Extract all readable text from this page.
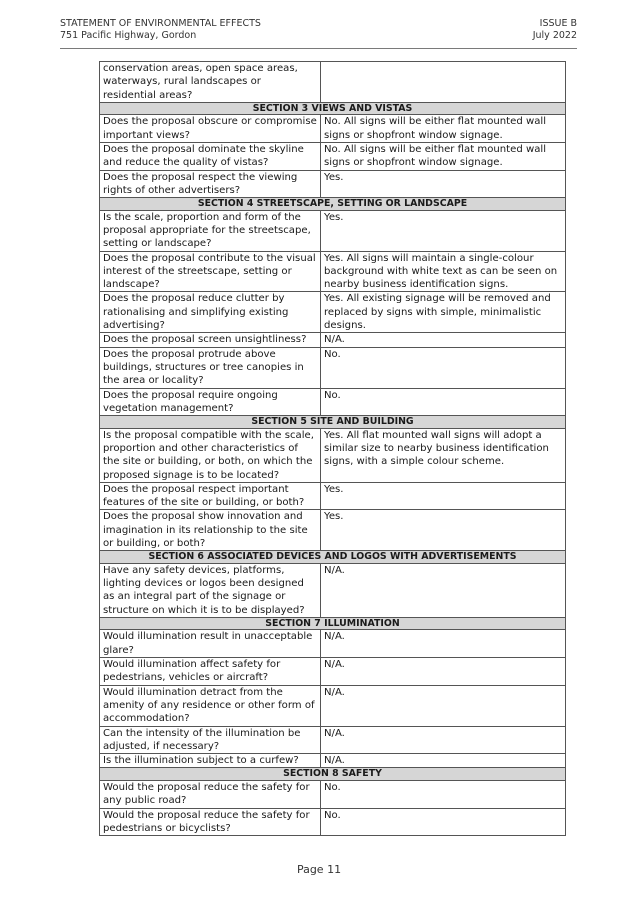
STATEMENT OF ENVIRONMENTAL EFFECTS
751 Pacific Highway, Gordon
ISSUE B
July 2022
conservation areas, open space areas, waterways, rural landscapes or residential areas?	
SECTION 3 VIEWS AND VISTAS	
Does the proposal obscure or compromise important views?	No. All signs will be either flat mounted wall signs or shopfront window signage.
Does the proposal dominate the skyline and reduce the quality of vistas?	No. All signs will be either flat mounted wall signs or shopfront window signage.
Does the proposal respect the viewing rights of other advertisers?	Yes.
SECTION 4 STREETSCAPE, SETTING OR LANDSCAPE	
Is the scale, proportion and form of the proposal appropriate for the streetscape, setting or landscape?	Yes.
Does the proposal contribute to the visual interest of the streetscape, setting or landscape?	Yes. All signs will maintain a single-colour background with white text as can be seen on nearby business identification signs.
Does the proposal reduce clutter by rationalising and simplifying existing advertising?	Yes. All existing signage will be removed and replaced by signs with simple, minimalistic designs.
Does the proposal screen unsightliness?	N/A.
Does the proposal protrude above buildings, structures or tree canopies in the area or locality?	No.
Does the proposal require ongoing vegetation management?	No.
SECTION 5 SITE AND BUILDING	
Is the proposal compatible with the scale, proportion and other characteristics of the site or building, or both, on which the proposed signage is to be located?	Yes. All flat mounted wall signs will adopt a similar size to nearby business identification signs, with a simple colour scheme.
Does the proposal respect important features of the site or building, or both?	Yes.
Does the proposal show innovation and imagination in its relationship to the site or building, or both?	Yes.
SECTION 6 ASSOCIATED DEVICES AND LOGOS WITH ADVERTISEMENTS	
Have any safety devices, platforms, lighting devices or logos been designed as an integral part of the signage or structure on which it is to be displayed?	N/A.
SECTION 7 ILLUMINATION	
Would illumination result in unacceptable glare?	N/A.
Would illumination affect safety for pedestrians, vehicles or aircraft?	N/A.
Would illumination detract from the amenity of any residence or other form of accommodation?	N/A.
Can the intensity of the illumination be adjusted, if necessary?	N/A.
Is the illumination subject to a curfew?	N/A.
SECTION 8 SAFETY	
Would the proposal reduce the safety for any public road?	No.
Would the proposal reduce the safety for pedestrians or bicyclists?	No.
Page 11
